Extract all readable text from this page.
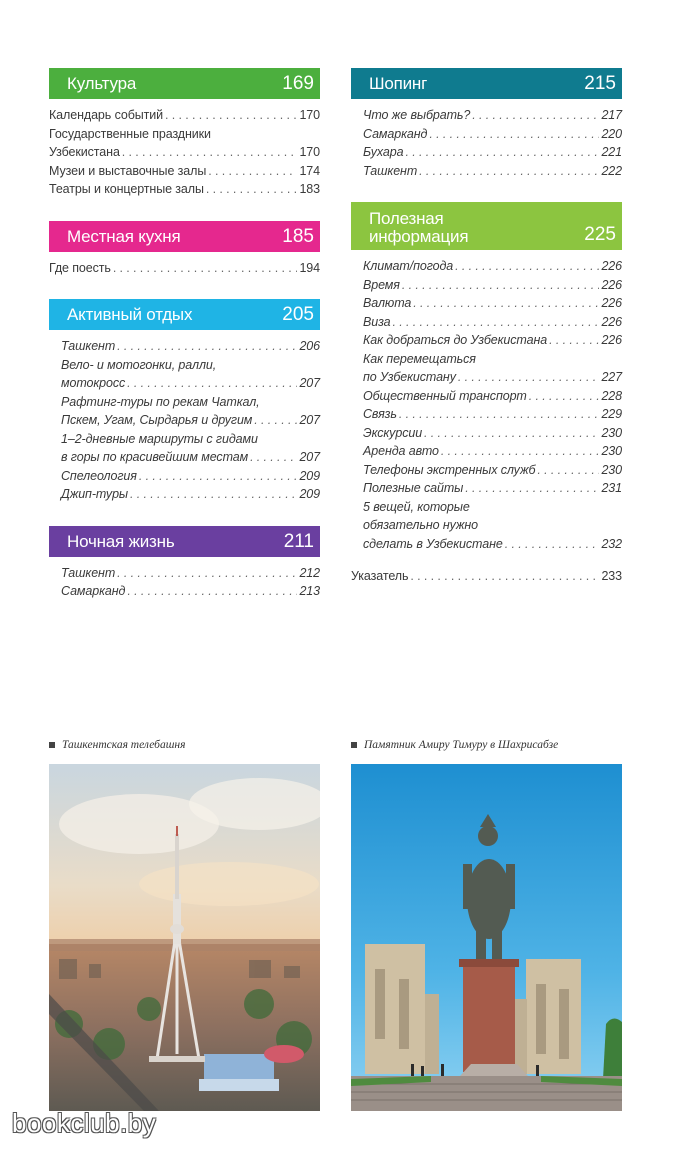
Культура	169
Календарь событий . . .	170
Государственные праздники
Узбекистана . . .	170
Музеи и выставочные залы . . .	174
Театры и концертные залы . . .	183
Местная кухня	185
Где поесть . . .	194
Активный отдых	205
Ташкент . . .	206
Вело- и мотогонки, ралли,
мотокросс . . .	207
Рафтинг-туры по рекам Чаткал,
Пскем, Угам, Сырдарья и другим . . .	207
1–2-дневные маршруты с гидами
в горы по красивейшим местам . . .	207
Спелеология . . .	209
Джип-туры . . .	209
Ночная жизнь	211
Ташкент . . .	212
Самарканд . . .	213
Шопинг	215
Что же выбрать? . . .	217
Самарканд . . .	220
Бухара . . .	221
Ташкент . . .	222
Полезная
информация	225
Климат/погода . . .	226
Время . . .	226
Валюта . . .	226
Виза . . .	226
Как добраться до Узбекистана . . .	226
Как перемещаться
по Узбекистану . . .	227
Общественный транспорт . . .	228
Связь . . .	229
Экскурсии . . .	230
Аренда авто . . .	230
Телефоны экстренных служб . . .	230
Полезные сайты . . .	231
5 вещей, которые
обязательно нужно
сделать в Узбекистане . . .	232
Указатель . . .	233
Ташкентская телебашня	Памятник Амиру Тимуру в Шахрисабзе
bookclub.by
